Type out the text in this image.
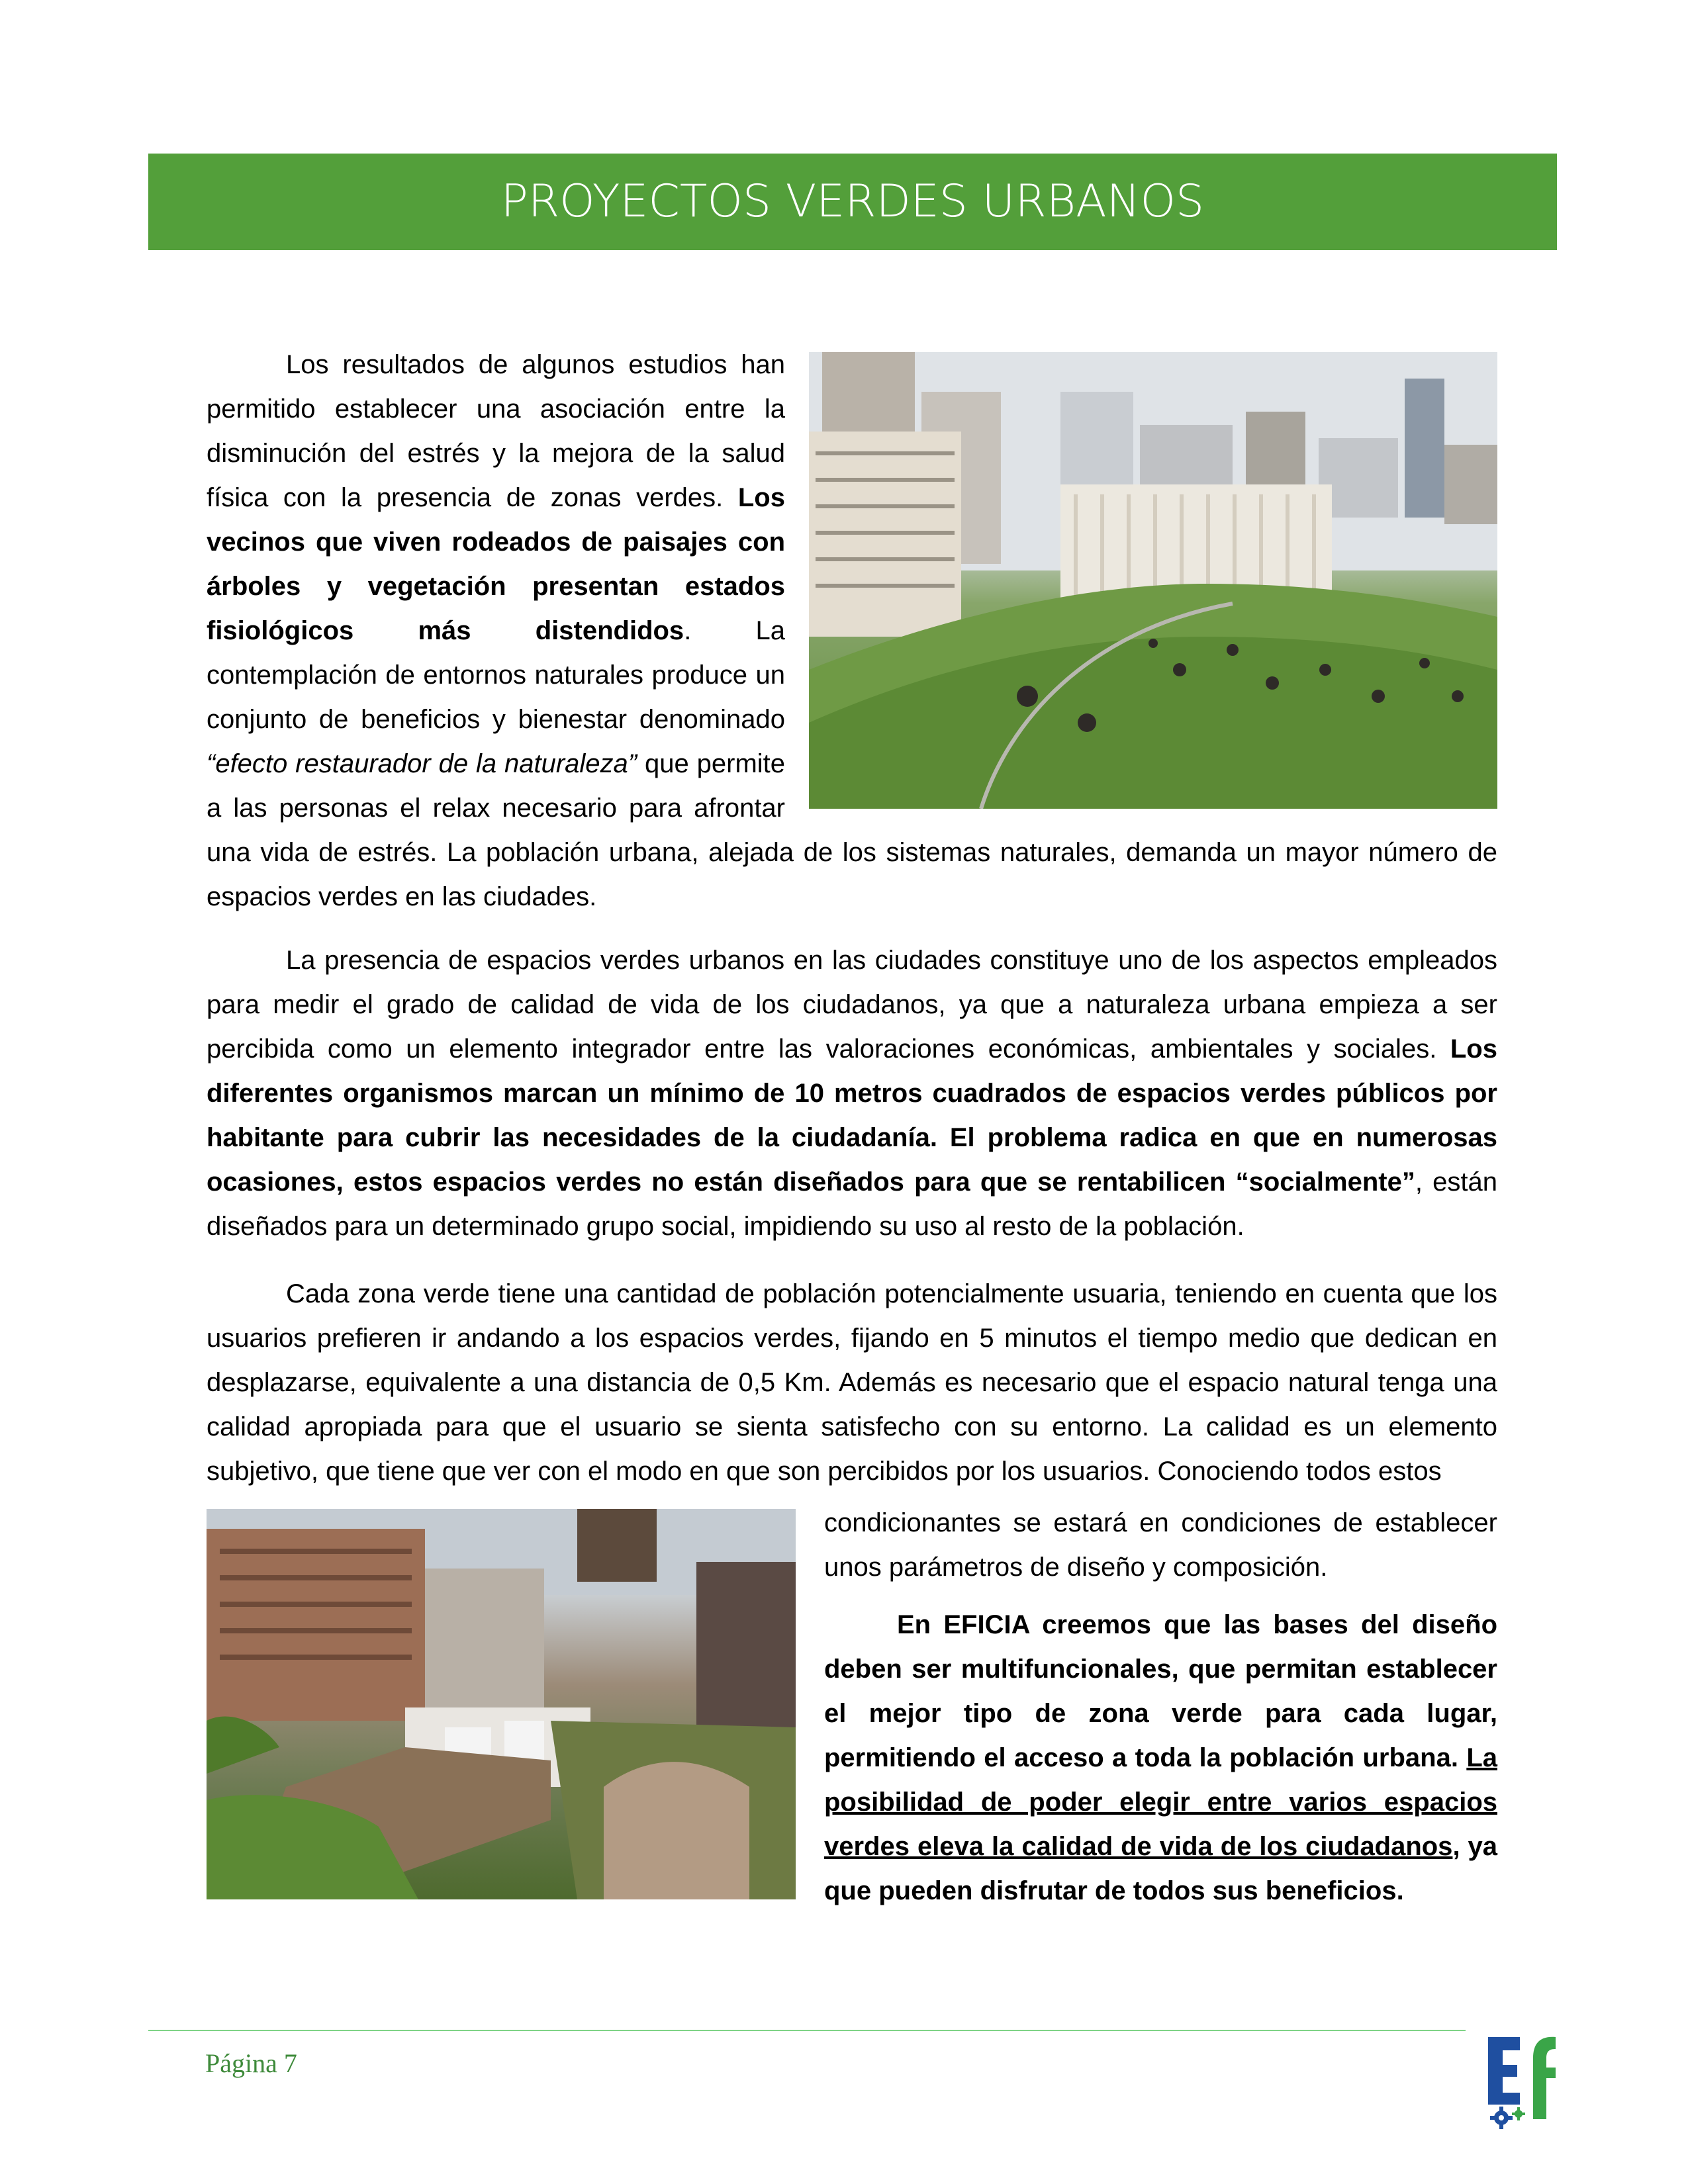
PROYECTOS VERDES URBANOS

Los resultados de algunos estudios han permitido establecer una asociación entre la disminución del estrés y la mejora de la salud física con la presencia de zonas verdes. Los vecinos que viven rodeados de paisajes con árboles y vegetación presentan estados fisiológicos más distendidos. La contemplación de entornos naturales produce un conjunto de beneficios y bienestar denominado “efecto restaurador de la naturaleza” que permite a las personas el relax necesario para afrontar una vida de estrés. La población urbana, alejada de los sistemas naturales, demanda un mayor número de espacios verdes en las ciudades.

La presencia de espacios verdes urbanos en las ciudades constituye uno de los aspectos empleados para medir el grado de calidad de vida de los ciudadanos, ya que a naturaleza urbana empieza a ser percibida como un elemento integrador entre las valoraciones económicas, ambientales y sociales. Los diferentes organismos marcan un mínimo de 10 metros cuadrados de espacios verdes públicos por habitante para cubrir las necesidades de la ciudadanía. El problema radica en que en numerosas ocasiones, estos espacios verdes no están diseñados para que se rentabilicen “socialmente”, están diseñados para un determinado grupo social, impidiendo su uso al resto de la población.

Cada zona verde tiene una cantidad de población potencialmente usuaria, teniendo en cuenta que los usuarios prefieren ir andando a los espacios verdes, fijando en 5 minutos el tiempo medio que dedican en desplazarse, equivalente a una distancia de 0,5 Km. Además es necesario que el espacio natural tenga una calidad apropiada para que el usuario se sienta satisfecho con su entorno. La calidad es un elemento subjetivo, que tiene que ver con el modo en que son percibidos por los usuarios. Conociendo todos estos

condicionantes se estará en condiciones de establecer unos parámetros de diseño y composición.

En EFICIA creemos que las bases del diseño deben ser multifuncionales, que permitan establecer el mejor tipo de zona verde para cada lugar, permitiendo el acceso a toda la población urbana. La posibilidad de poder elegir entre varios espacios verdes eleva la calidad de vida de los ciudadanos, ya que pueden disfrutar de todos sus beneficios.

Página 7
